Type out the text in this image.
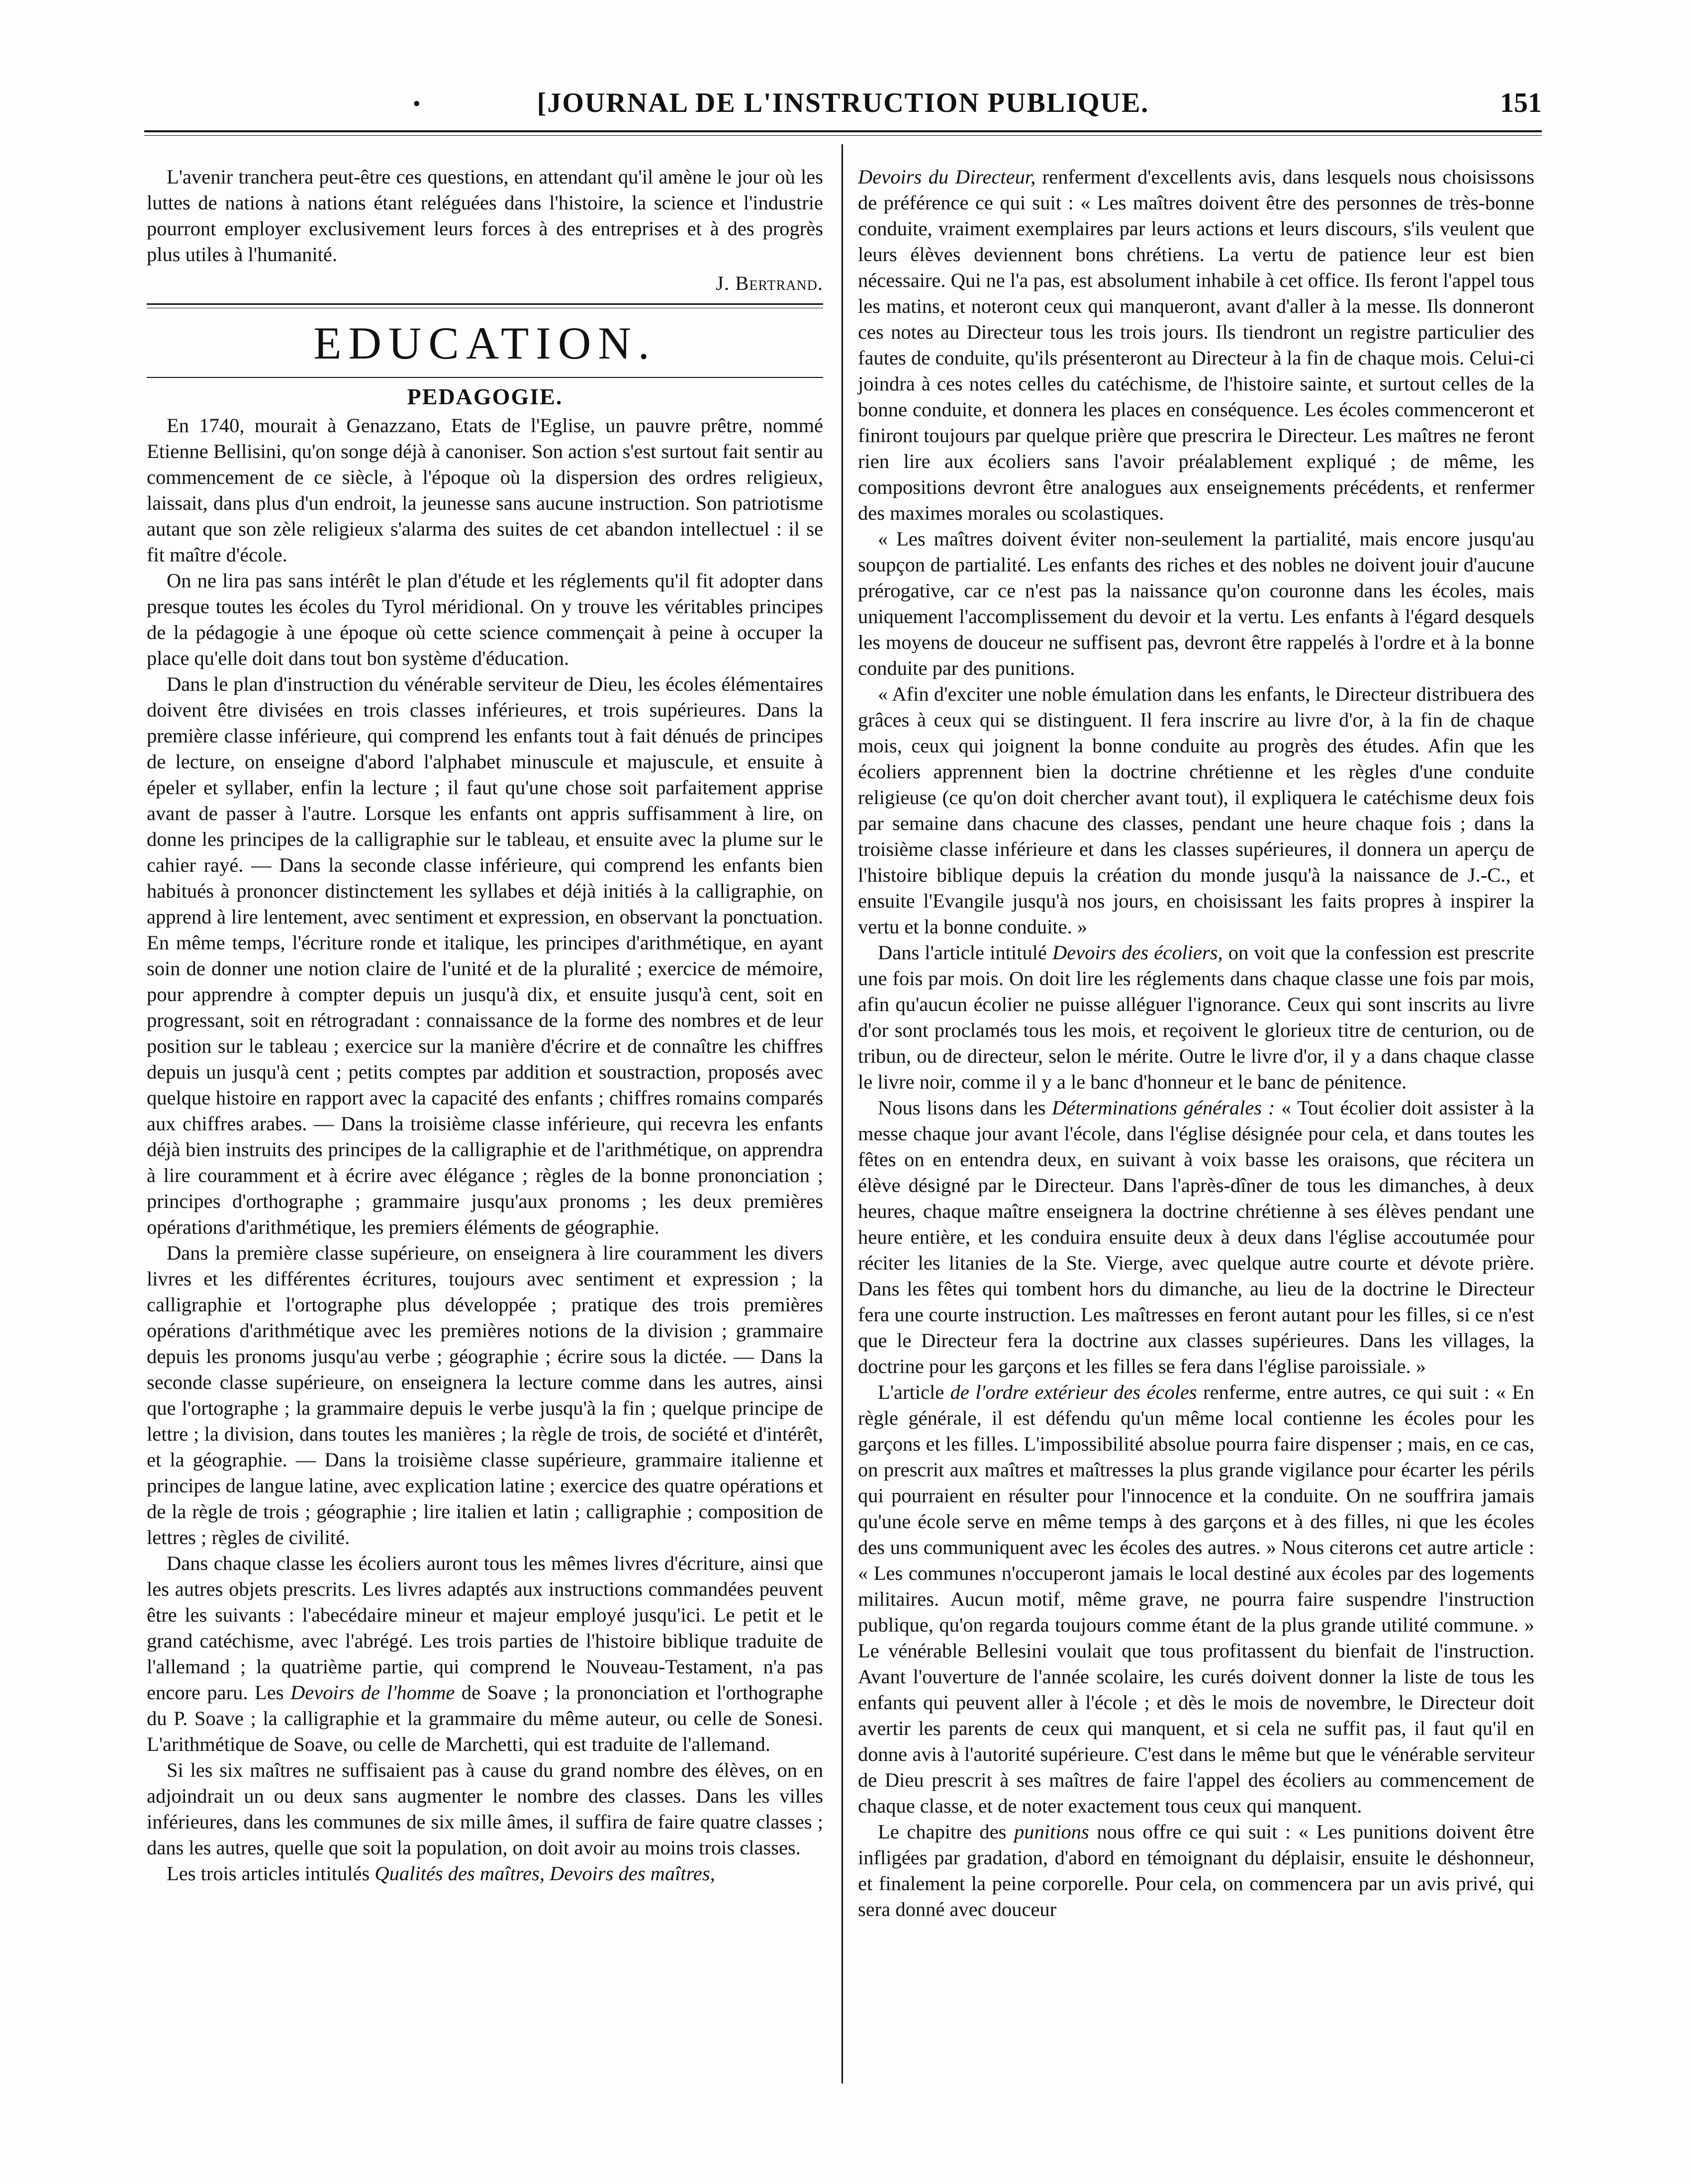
•	[JOURNAL DE L'INSTRUCTION PUBLIQUE.	151

L'avenir tranchera peut-être ces questions, en attendant qu'il amène le jour où les luttes de nations à nations étant reléguées dans l'histoire, la science et l'industrie pourront employer exclusivement leurs forces à des entreprises et à des progrès plus utiles à l'humanité.

J. Bertrand.

EDUCATION.
PEDAGOGIE.

En 1740, mourait à Genazzano, Etats de l'Eglise, un pauvre prêtre, nommé Etienne Bellisini, qu'on songe déjà à canoniser. Son action s'est surtout fait sentir au commencement de ce siècle, à l'époque où la dispersion des ordres religieux, laissait, dans plus d'un endroit, la jeunesse sans aucune instruction. Son patriotisme autant que son zèle religieux s'alarma des suites de cet abandon intellectuel : il se fit maître d'école.

On ne lira pas sans intérêt le plan d'étude et les réglements qu'il fit adopter dans presque toutes les écoles du Tyrol méridional. On y trouve les véritables principes de la pédagogie à une époque où cette science commençait à peine à occuper la place qu'elle doit dans tout bon système d'éducation.

Dans le plan d'instruction du vénérable serviteur de Dieu, les écoles élémentaires doivent être divisées en trois classes inférieures, et trois supérieures. Dans la première classe inférieure, qui comprend les enfants tout à fait dénués de principes de lecture, on enseigne d'abord l'alphabet minuscule et majuscule, et ensuite à épeler et syllaber, enfin la lecture ; il faut qu'une chose soit parfaitement apprise avant de passer à l'autre. Lorsque les enfants ont appris suffisamment à lire, on donne les principes de la calligraphie sur le tableau, et ensuite avec la plume sur le cahier rayé. — Dans la seconde classe inférieure, qui comprend les enfants bien habitués à prononcer distinctement les syllabes et déjà initiés à la calligraphie, on apprend à lire lentement, avec sentiment et expression, en observant la ponctuation. En même temps, l'écriture ronde et italique, les principes d'arithmétique, en ayant soin de donner une notion claire de l'unité et de la pluralité ; exercice de mémoire, pour apprendre à compter depuis un jusqu'à dix, et ensuite jusqu'à cent, soit en progressant, soit en rétrogradant : connaissance de la forme des nombres et de leur position sur le tableau ; exercice sur la manière d'écrire et de connaître les chiffres depuis un jusqu'à cent ; petits comptes par addition et soustraction, proposés avec quelque histoire en rapport avec la capacité des enfants ; chiffres romains comparés aux chiffres arabes. — Dans la troisième classe inférieure, qui recevra les enfants déjà bien instruits des principes de la calligraphie et de l'arithmétique, on apprendra à lire couramment et à écrire avec élégance ; règles de la bonne prononciation ; principes d'orthographe ; grammaire jusqu'aux pronoms ; les deux premières opérations d'arithmétique, les premiers éléments de géographie.

Dans la première classe supérieure, on enseignera à lire couramment les divers livres et les différentes écritures, toujours avec sentiment et expression ; la calligraphie et l'ortographe plus développée ; pratique des trois premières opérations d'arithmétique avec les premières notions de la division ; grammaire depuis les pronoms jusqu'au verbe ; géographie ; écrire sous la dictée. — Dans la seconde classe supérieure, on enseignera la lecture comme dans les autres, ainsi que l'ortographe ; la grammaire depuis le verbe jusqu'à la fin ; quelque principe de lettre ; la division, dans toutes les manières ; la règle de trois, de société et d'intérêt, et la géographie. — Dans la troisième classe supérieure, grammaire italienne et principes de langue latine, avec explication latine ; exercice des quatre opérations et de la règle de trois ; géographie ; lire italien et latin ; calligraphie ; composition de lettres ; règles de civilité.

Dans chaque classe les écoliers auront tous les mêmes livres d'écriture, ainsi que les autres objets prescrits. Les livres adaptés aux instructions commandées peuvent être les suivants : l'abecédaire mineur et majeur employé jusqu'ici. Le petit et le grand catéchisme, avec l'abrégé. Les trois parties de l'histoire biblique traduite de l'allemand ; la quatrième partie, qui comprend le Nouveau-Testament, n'a pas encore paru. Les Devoirs de l'homme de Soave ; la prononciation et l'orthographe du P. Soave ; la calligraphie et la grammaire du même auteur, ou celle de Sonesi. L'arithmétique de Soave, ou celle de Marchetti, qui est traduite de l'allemand.

Si les six maîtres ne suffisaient pas à cause du grand nombre des élèves, on en adjoindrait un ou deux sans augmenter le nombre des classes. Dans les villes inférieures, dans les communes de six mille âmes, il suffira de faire quatre classes ; dans les autres, quelle que soit la population, on doit avoir au moins trois classes.

Les trois articles intitulés Qualités des maîtres, Devoirs des maîtres,

Devoirs du Directeur, renferment d'excellents avis, dans lesquels nous choisissons de préférence ce qui suit : « Les maîtres doivent être des personnes de très-bonne conduite, vraiment exemplaires par leurs actions et leurs discours, s'ils veulent que leurs élèves deviennent bons chrétiens. La vertu de patience leur est bien nécessaire. Qui ne l'a pas, est absolument inhabile à cet office. Ils feront l'appel tous les matins, et noteront ceux qui manqueront, avant d'aller à la messe. Ils donneront ces notes au Directeur tous les trois jours. Ils tiendront un registre particulier des fautes de conduite, qu'ils présenteront au Directeur à la fin de chaque mois. Celui-ci joindra à ces notes celles du catéchisme, de l'histoire sainte, et surtout celles de la bonne conduite, et donnera les places en conséquence. Les écoles commenceront et finiront toujours par quelque prière que prescrira le Directeur. Les maîtres ne feront rien lire aux écoliers sans l'avoir préalablement expliqué ; de même, les compositions devront être analogues aux enseignements précédents, et renfermer des maximes morales ou scolastiques.

« Les maîtres doivent éviter non-seulement la partialité, mais encore jusqu'au soupçon de partialité. Les enfants des riches et des nobles ne doivent jouir d'aucune prérogative, car ce n'est pas la naissance qu'on couronne dans les écoles, mais uniquement l'accomplissement du devoir et la vertu. Les enfants à l'égard desquels les moyens de douceur ne suffisent pas, devront être rappelés à l'ordre et à la bonne conduite par des punitions.

« Afin d'exciter une noble émulation dans les enfants, le Directeur distribuera des grâces à ceux qui se distinguent. Il fera inscrire au livre d'or, à la fin de chaque mois, ceux qui joignent la bonne conduite au progrès des études. Afin que les écoliers apprennent bien la doctrine chrétienne et les règles d'une conduite religieuse (ce qu'on doit chercher avant tout), il expliquera le catéchisme deux fois par semaine dans chacune des classes, pendant une heure chaque fois ; dans la troisième classe inférieure et dans les classes supérieures, il donnera un aperçu de l'histoire biblique depuis la création du monde jusqu'à la naissance de J.-C., et ensuite l'Evangile jusqu'à nos jours, en choisissant les faits propres à inspirer la vertu et la bonne conduite. »

Dans l'article intitulé Devoirs des écoliers, on voit que la confession est prescrite une fois par mois. On doit lire les réglements dans chaque classe une fois par mois, afin qu'aucun écolier ne puisse alléguer l'ignorance. Ceux qui sont inscrits au livre d'or sont proclamés tous les mois, et reçoivent le glorieux titre de centurion, ou de tribun, ou de directeur, selon le mérite. Outre le livre d'or, il y a dans chaque classe le livre noir, comme il y a le banc d'honneur et le banc de pénitence.

Nous lisons dans les Déterminations générales : « Tout écolier doit assister à la messe chaque jour avant l'école, dans l'église désignée pour cela, et dans toutes les fêtes on en entendra deux, en suivant à voix basse les oraisons, que récitera un élève désigné par le Directeur. Dans l'après-dîner de tous les dimanches, à deux heures, chaque maître enseignera la doctrine chrétienne à ses élèves pendant une heure entière, et les conduira ensuite deux à deux dans l'église accoutumée pour réciter les litanies de la Ste. Vierge, avec quelque autre courte et dévote prière. Dans les fêtes qui tombent hors du dimanche, au lieu de la doctrine le Directeur fera une courte instruction. Les maîtresses en feront autant pour les filles, si ce n'est que le Directeur fera la doctrine aux classes supérieures. Dans les villages, la doctrine pour les garçons et les filles se fera dans l'église paroissiale. »

L'article de l'ordre extérieur des écoles renferme, entre autres, ce qui suit : « En règle générale, il est défendu qu'un même local contienne les écoles pour les garçons et les filles. L'impossibilité absolue pourra faire dispenser ; mais, en ce cas, on prescrit aux maîtres et maîtresses la plus grande vigilance pour écarter les périls qui pourraient en résulter pour l'innocence et la conduite. On ne souffrira jamais qu'une école serve en même temps à des garçons et à des filles, ni que les écoles des uns communiquent avec les écoles des autres. » Nous citerons cet autre article : « Les communes n'occuperont jamais le local destiné aux écoles par des logements militaires. Aucun motif, même grave, ne pourra faire suspendre l'instruction publique, qu'on regarda toujours comme étant de la plus grande utilité commune. » Le vénérable Bellesini voulait que tous profitassent du bienfait de l'instruction. Avant l'ouverture de l'année scolaire, les curés doivent donner la liste de tous les enfants qui peuvent aller à l'école ; et dès le mois de novembre, le Directeur doit avertir les parents de ceux qui manquent, et si cela ne suffit pas, il faut qu'il en donne avis à l'autorité supérieure. C'est dans le même but que le vénérable serviteur de Dieu prescrit à ses maîtres de faire l'appel des écoliers au commencement de chaque classe, et de noter exactement tous ceux qui manquent.

Le chapitre des punitions nous offre ce qui suit : « Les punitions doivent être infligées par gradation, d'abord en témoignant du déplaisir, ensuite le déshonneur, et finalement la peine corporelle. Pour cela, on commencera par un avis privé, qui sera donné avec douceur
